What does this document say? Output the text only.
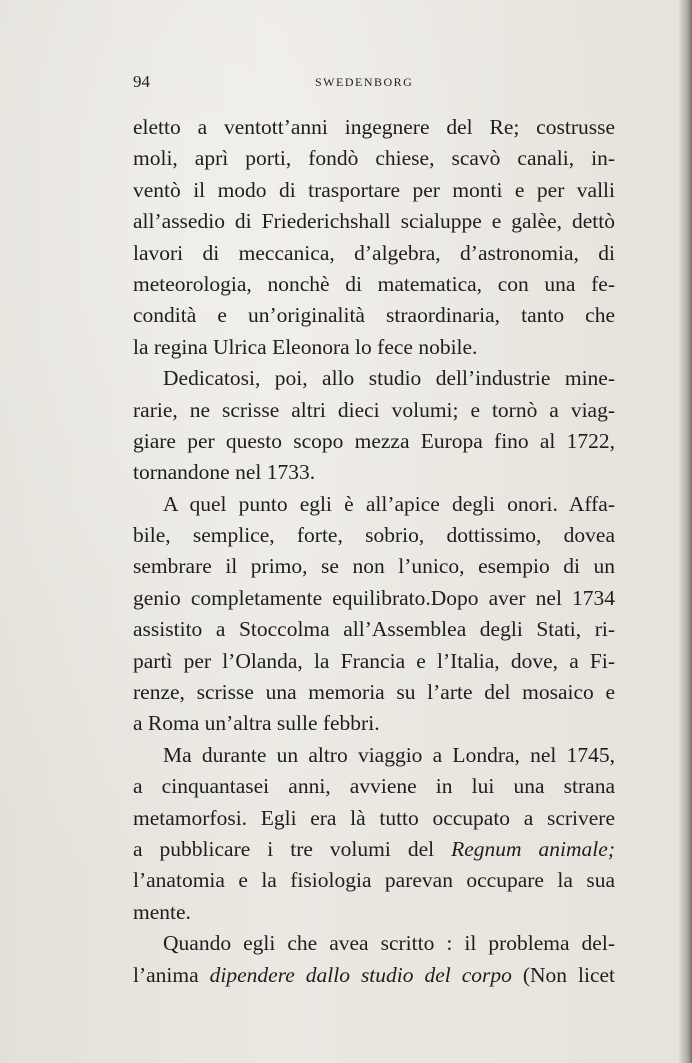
94	SWEDENBORG
eletto a ventott’anni ingegnere del Re; costrusse
moli, aprì porti, fondò chiese, scavò canali, in-
ventò il modo di trasportare per monti e per valli
all’assedio di Friederichshall scialuppe e galèe, dettò
lavori di meccanica, d’algebra, d’astronomia, di
meteorologia, nonchè di matematica, con una fe-
condità e un’originalità straordinaria, tanto che
la regina Ulrica Eleonora lo fece nobile.
Dedicatosi, poi, allo studio dell’industrie mine-
rarie, ne scrisse altri dieci volumi; e tornò a viag-
giare per questo scopo mezza Europa fino al 1722,
tornandone nel 1733.
A quel punto egli è all’apice degli onori. Affa-
bile, semplice, forte, sobrio, dottissimo, dovea
sembrare il primo, se non l’unico, esempio di un
genio completamente equilibrato.Dopo aver nel 1734
assistito a Stoccolma all’Assemblea degli Stati, ri-
partì per l’Olanda, la Francia e l’Italia, dove, a Fi-
renze, scrisse una memoria su l’arte del mosaico e
a Roma un’altra sulle febbri.
Ma durante un altro viaggio a Londra, nel 1745,
a cinquantasei anni, avviene in lui una strana
metamorfosi. Egli era là tutto occupato a scrivere
a pubblicare i tre volumi del Regnum animale;
l’anatomia e la fisiologia parevan occupare la sua
mente.
Quando egli che avea scritto : il problema del-
l’anima dipendere dallo studio del corpo (Non licet
